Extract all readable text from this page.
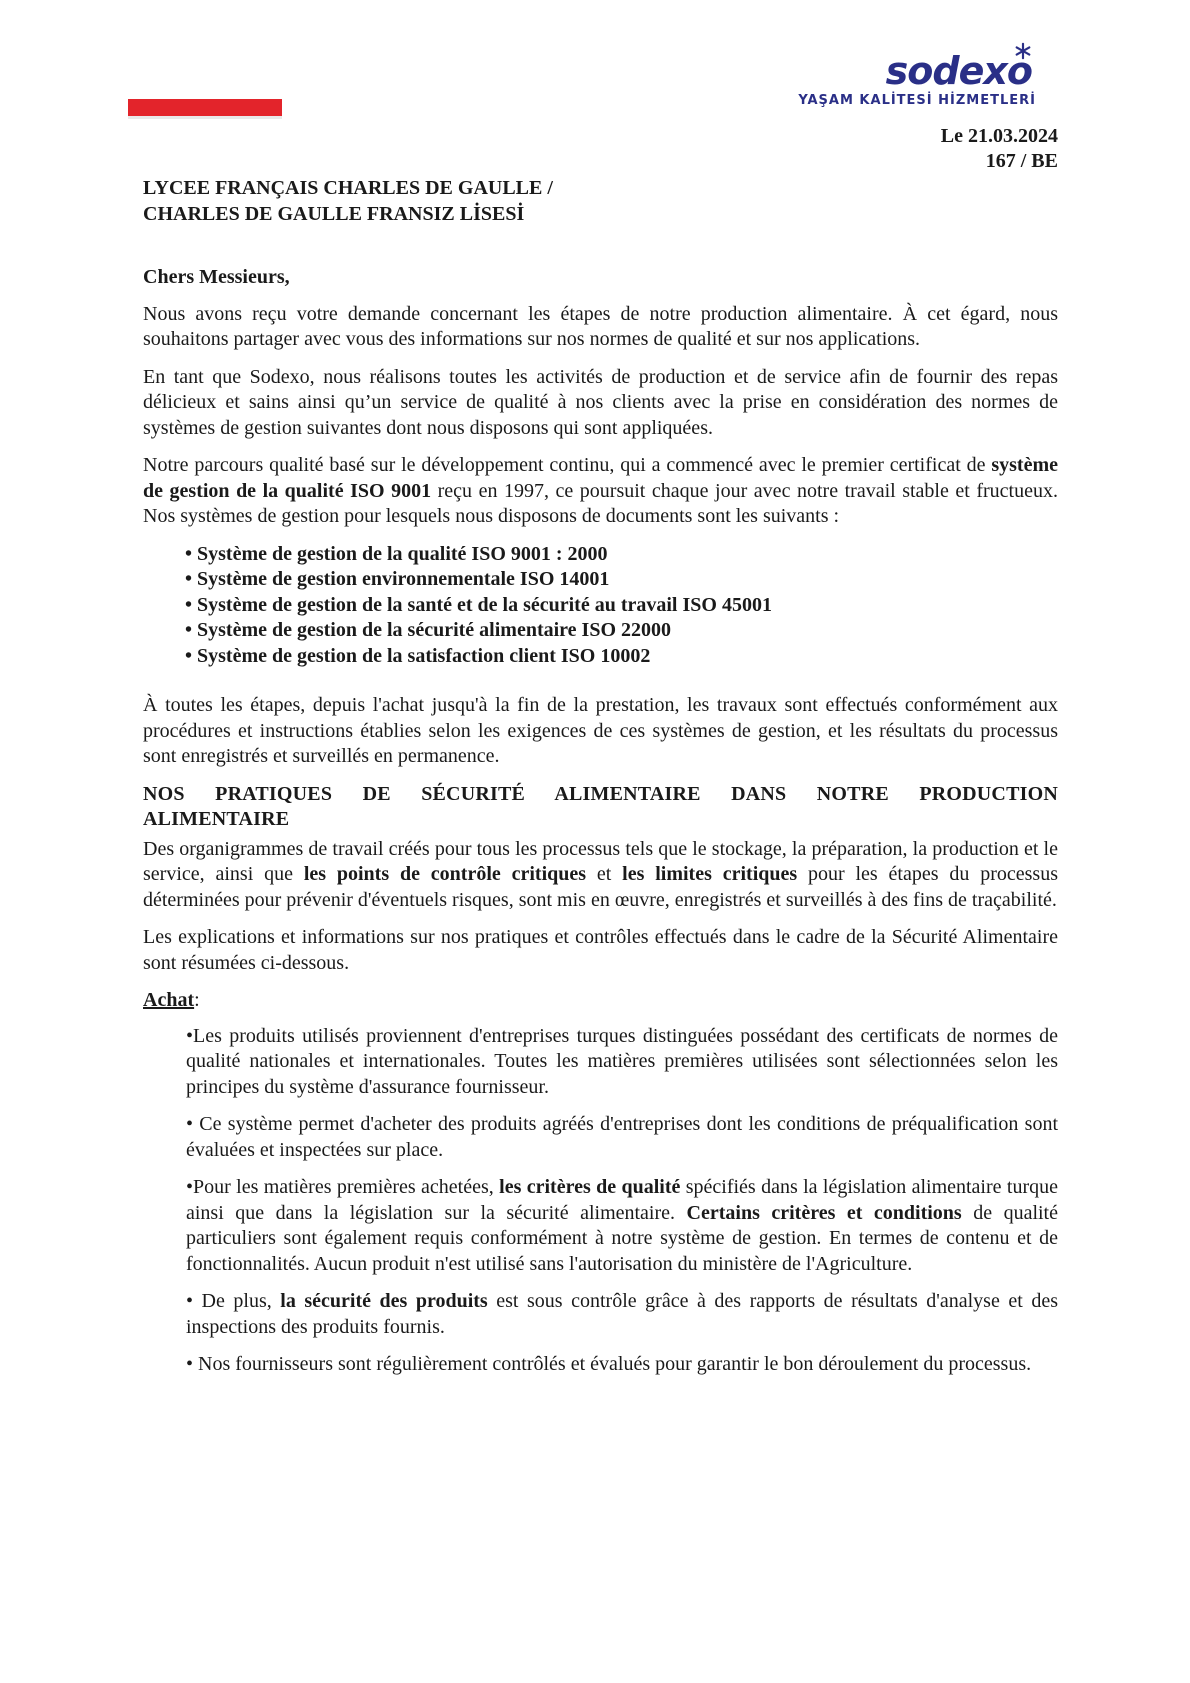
sodexo
YAŞAM KALİTESİ HİZMETLERİ
Le 21.03.2024
167 / BE
LYCEE FRANÇAIS CHARLES DE GAULLE /
CHARLES DE GAULLE FRANSIZ LİSESİ

Chers Messieurs,

Nous avons reçu votre demande concernant les étapes de notre production alimentaire. À cet égard, nous souhaitons partager avec vous des informations sur nos normes de qualité et sur nos applications.

En tant que Sodexo, nous réalisons toutes les activités de production et de service afin de fournir des repas délicieux et sains ainsi qu’un service de qualité à nos clients avec la prise en considération des normes de systèmes de gestion suivantes dont nous disposons qui sont appliquées.

Notre parcours qualité basé sur le développement continu, qui a commencé avec le premier certificat de système de gestion de la qualité ISO 9001 reçu en 1997, ce poursuit chaque jour avec notre travail stable et fructueux. Nos systèmes de gestion pour lesquels nous disposons de documents sont les suivants :

• Système de gestion de la qualité ISO 9001 : 2000
• Système de gestion environnementale ISO 14001
• Système de gestion de la santé et de la sécurité au travail ISO 45001
• Système de gestion de la sécurité alimentaire ISO 22000
• Système de gestion de la satisfaction client ISO 10002

À toutes les étapes, depuis l'achat jusqu'à la fin de la prestation, les travaux sont effectués conformément aux procédures et instructions établies selon les exigences de ces systèmes de gestion, et les résultats du processus sont enregistrés et surveillés en permanence.

NOS PRATIQUES DE SÉCURITÉ ALIMENTAIRE DANS NOTRE PRODUCTION ALIMENTAIRE

Des organigrammes de travail créés pour tous les processus tels que le stockage, la préparation, la production et le service, ainsi que les points de contrôle critiques et les limites critiques pour les étapes du processus déterminées pour prévenir d'éventuels risques, sont mis en œuvre, enregistrés et surveillés à des fins de traçabilité.

Les explications et informations sur nos pratiques et contrôles effectués dans le cadre de la Sécurité Alimentaire sont résumées ci-dessous.

Achat:

•Les produits utilisés proviennent d'entreprises turques distinguées possédant des certificats de normes de qualité nationales et internationales. Toutes les matières premières utilisées sont sélectionnées selon les principes du système d'assurance fournisseur.

• Ce système permet d'acheter des produits agréés d'entreprises dont les conditions de préqualification sont évaluées et inspectées sur place.

•Pour les matières premières achetées, les critères de qualité spécifiés dans la législation alimentaire turque ainsi que dans la législation sur la sécurité alimentaire. Certains critères et conditions de qualité particuliers sont également requis conformément à notre système de gestion. En termes de contenu et de fonctionnalités. Aucun produit n'est utilisé sans l'autorisation du ministère de l'Agriculture.

• De plus, la sécurité des produits est sous contrôle grâce à des rapports de résultats d'analyse et des inspections des produits fournis.

• Nos fournisseurs sont régulièrement contrôlés et évalués pour garantir le bon déroulement du processus.
